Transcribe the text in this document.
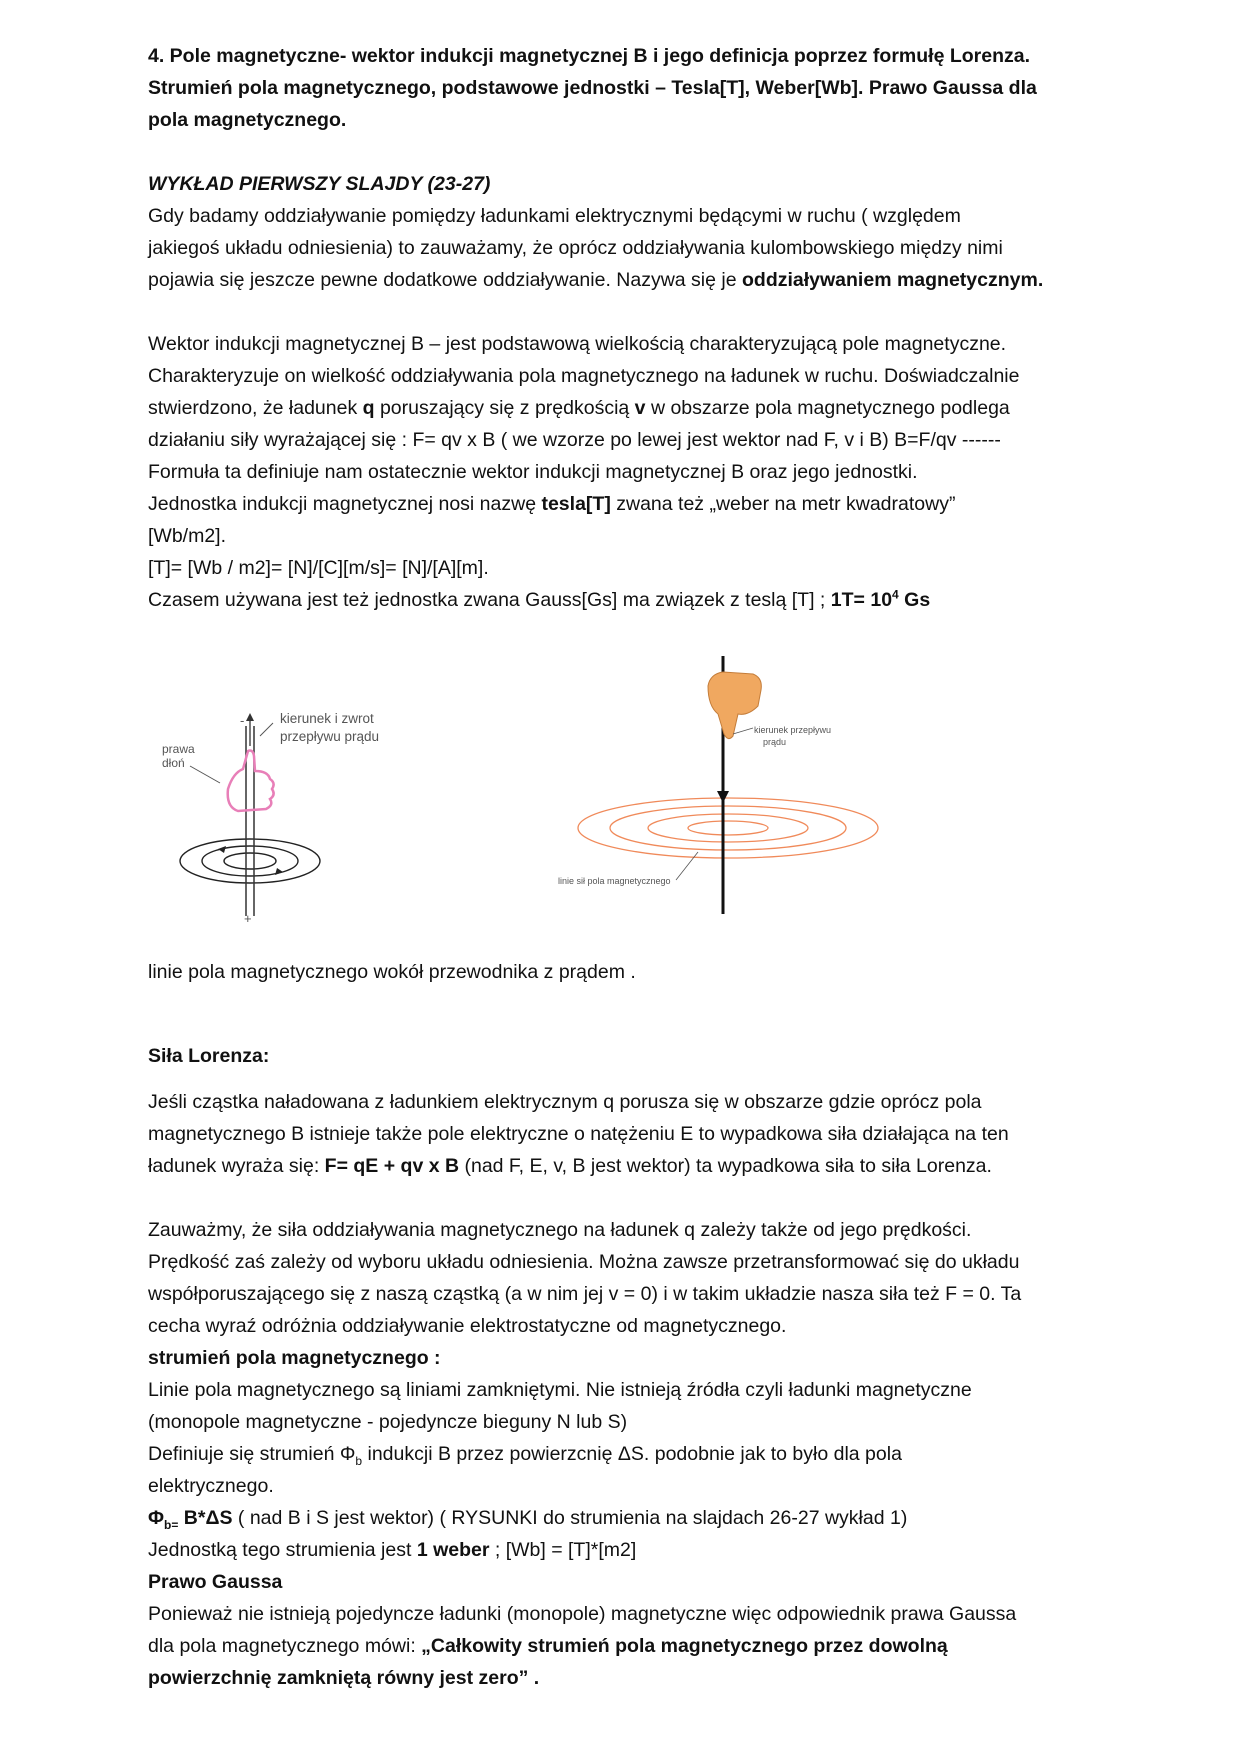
4. Pole magnetyczne- wektor indukcji magnetycznej B i jego definicja poprzez formułę Lorenza.

Strumień pola magnetycznego, podstawowe jednostki – Tesla[T], Weber[Wb]. Prawo Gaussa dla

pola magnetycznego.

WYKŁAD PIERWSZY SLAJDY (23-27)

Gdy badamy oddziaływanie pomiędzy ładunkami elektrycznymi będącymi w ruchu ( względem

jakiegoś układu odniesienia) to zauważamy, że oprócz oddziaływania kulombowskiego między nimi

pojawia się jeszcze pewne dodatkowe oddziaływanie. Nazywa się je oddziaływaniem magnetycznym.

Wektor indukcji magnetycznej B – jest podstawową wielkością charakteryzującą pole magnetyczne.

Charakteryzuje on wielkość oddziaływania pola magnetycznego na ładunek w ruchu. Doświadczalnie

stwierdzono, że ładunek q poruszający się z prędkością v w obszarze pola magnetycznego podlega

działaniu siły wyrażającej się : F= qv x B ( we wzorze po lewej jest wektor nad F, v i B) B=F/qv ------

Formuła ta definiuje nam ostatecznie wektor indukcji magnetycznej B oraz jego jednostki.

Jednostka indukcji magnetycznej nosi nazwę tesla[T] zwana też „weber na metr kwadratowy”

[Wb/m2].

[T]= [Wb / m2]= [N]/[C][m/s]= [N]/[A][m].

Czasem używana jest też jednostka zwana Gauss[Gs] ma związek z teslą [T] ; $1T= 10^4$ Gs

-
+
kierunek i zwrot
przepływu prądu
prawa
dłoń
kierunek przepływu
prądu
linie sił pola magnetycznego

linie pola magnetycznego wokół przewodnika z prądem .

Siła Lorenza:

Jeśli cząstka naładowana z ładunkiem elektrycznym q porusza się w obszarze gdzie oprócz pola

magnetycznego B istnieje także pole elektryczne o natężeniu E to wypadkowa siła działająca na ten

ładunek wyraża się: F= qE + qv x B (nad F, E, v, B jest wektor) ta wypadkowa siła to siła Lorenza.

Zauważmy, że siła oddziaływania magnetycznego na ładunek q zależy także od jego prędkości.

Prędkość zaś zależy od wyboru układu odniesienia. Można zawsze przetransformować się do układu

współporuszającego się z naszą cząstką (a w nim jej v = 0) i w takim układzie nasza siła też F = 0. Ta

cecha wyraź odróżnia oddziaływanie elektrostatyczne od magnetycznego.

strumień pola magnetycznego :

Linie pola magnetycznego są liniami zamkniętymi. Nie istnieją źródła czyli ładunki magnetyczne

(monopole magnetyczne - pojedyncze bieguny N lub S)

Definiuje się strumień $\Phi_b$ indukcji B przez powierzcnię ΔS. podobnie jak to było dla pola

elektrycznego.

$\Phi_{b=}$ B*ΔS ( nad B i S jest wektor) ( RYSUNKI do strumienia na slajdach 26-27 wykład 1)

Jednostką tego strumienia jest 1 weber ; [Wb] = [T]*[m2]

Prawo Gaussa

Ponieważ nie istnieją pojedyncze ładunki (monopole) magnetyczne więc odpowiednik prawa Gaussa

dla pola magnetycznego mówi: „Całkowity strumień pola magnetycznego przez dowolną

powierzchnię zamkniętą równy jest zero” .
